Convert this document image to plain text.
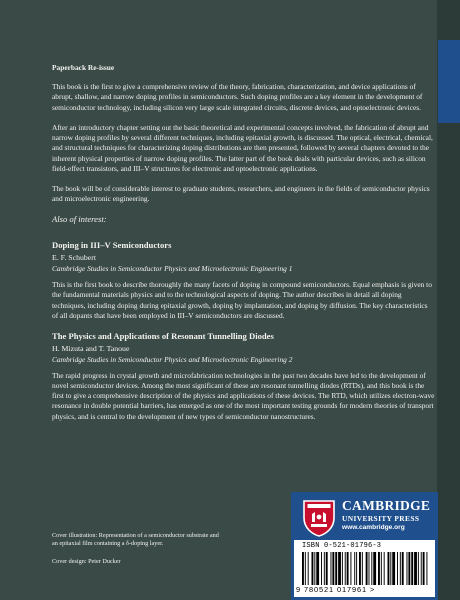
Paperback Re-issue

This book is the first to give a comprehensive review of the theory, fabrication, characterization, and device applications of abrupt, shallow, and narrow doping profiles in semiconductors. Such doping profiles are a key element in the development of semiconductor technology, including silicon very large scale integrated circuits, discrete devices, and optoelectronic devices.

After an introductory chapter setting out the basic theoretical and experimental concepts involved, the fabrication of abrupt and narrow doping profiles by several different techniques, including epitaxial growth, is discussed. The optical, electrical, chemical, and structural techniques for characterizing doping distributions are then presented, followed by several chapters devoted to the inherent physical properties of narrow doping profiles. The latter part of the book deals with particular devices, such as silicon field-effect transistors, and III–V structures for electronic and optoelectronic applications.

The book will be of considerable interest to graduate students, researchers, and engineers in the fields of semiconductor physics and microelectronic engineering.

Also of interest:

Doping in III–V Semiconductors

E. F. Schubert

Cambridge Studies in Semiconductor Physics and Microelectronic Engineering 1

This is the first book to describe thoroughly the many facets of doping in compound semiconductors. Equal emphasis is given to the fundamental materials physics and to the technological aspects of doping. The author describes in detail all doping techniques, including doping during epitaxial growth, doping by implantation, and doping by diffusion. The key characteristics of all dopants that have been employed in III–V semiconductors are discussed.

The Physics and Applications of Resonant Tunnelling Diodes

H. Mizuta and T. Tanoue

Cambridge Studies in Semiconductor Physics and Microelectronic Engineering 2

The rapid progress in crystal growth and microfabrication technologies in the past two decades have led to the development of novel semiconductor devices. Among the most significant of these are resonant tunnelling diodes (RTDs), and this book is the first to give a comprehensive description of the physics and applications of these devices. The RTD, which utilizes electron-wave resonance in double potential barriers, has emerged as one of the most important testing grounds for modern theories of transport physics, and is central to the development of new types of semiconductor nanostructures.

Cover illustration: Representation of a semiconductor substrate and an epitaxial film containing a δ-doping layer.

Cover design: Peter Ducker

CAMBRIDGE
UNIVERSITY PRESS
www.cambridge.org
ISBN 0-521-01796-3
9 780521 017961 >
